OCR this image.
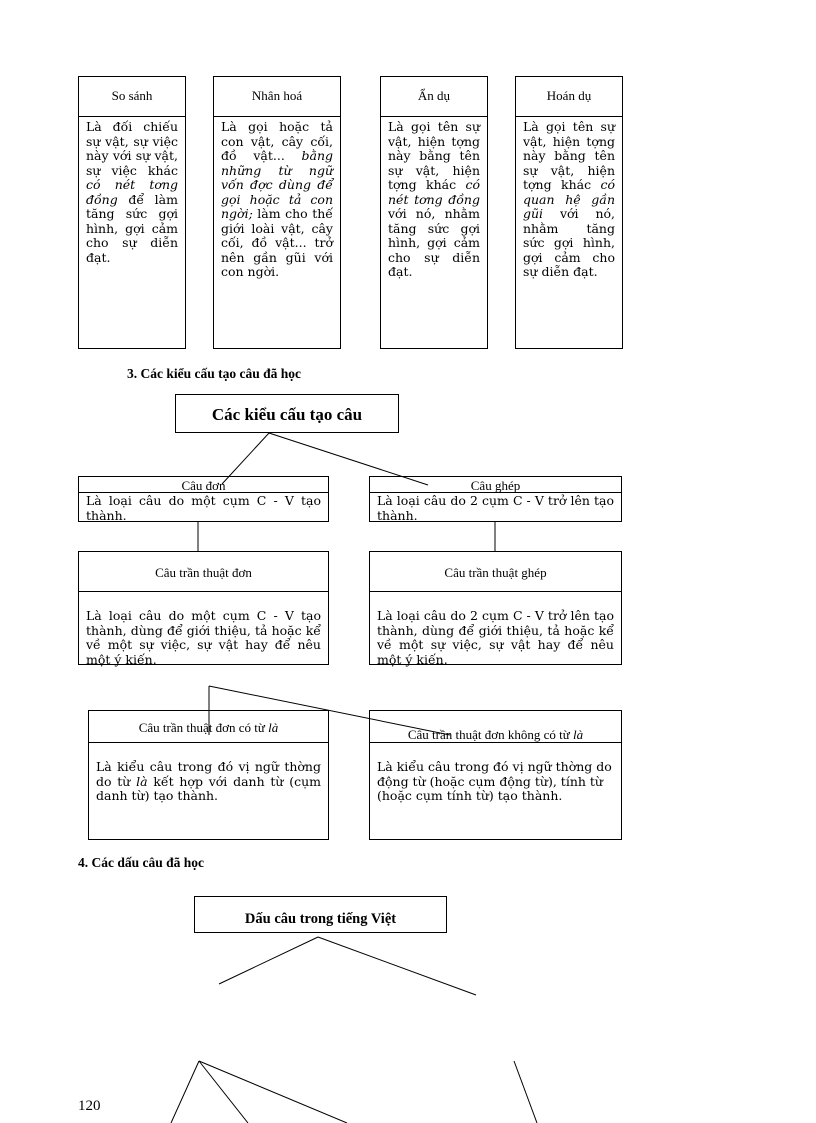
So sánh
Là đối chiếu sự vật, sự việc này với sự vật, sự việc khác có nét tơng đồng để làm tăng sức gợi hình, gợi cảm cho sự diễn đạt.
Nhân hoá
Là gọi hoặc tả con vật, cây cối, đồ vật... bằng những từ ngữ vốn đợc dùng để gọi hoặc tả con ngời; làm cho thế giới loài vật, cây cối, đồ vật... trở nên gần gũi với con ngời.
Ẩn dụ
Là gọi tên sự vật, hiện tợng này bằng tên sự vật, hiện tợng khác có nét tơng đồng với nó, nhằm tăng sức gợi hình, gợi cảm cho sự diễn đạt.
Hoán dụ
Là gọi tên sự vật, hiện tợng này bằng tên sự vật, hiện tợng khác có quan hệ gần gũi với nó, nhằm tăng sức gợi hình, gợi cảm cho sự diễn đạt.
3. Các kiểu cấu tạo câu đã học
Các kiểu cấu tạo câu
Câu đơn
Là loại câu do một cụm C - V tạo thành.
Câu ghép
Là loại câu do 2 cụm C - V trở lên tạo thành.
Câu trần thuật đơn
Là loại câu do một cụm C - V tạo thành, dùng để giới thiệu, tả hoặc kể về một sự việc, sự vật hay để nêu một ý kiến.
Câu trần thuật ghép
Là loại câu do 2 cụm C - V trở lên tạo thành, dùng để giới thiệu, tả hoặc kể về một sự việc, sự vật hay để nêu một ý kiến.
Câu trần thuật đơn có từ là
Là kiểu câu trong đó vị ngữ thờng do từ là kết hợp với danh từ (cụm danh từ) tạo thành.
Câu trần thuật đơn không có từ là
Là kiểu câu trong đó vị ngữ thờng do động từ (hoặc cụm động từ), tính từ (hoặc cụm tính từ) tạo thành.
4. Các dấu câu đã học
Dấu câu trong tiếng Việt
120
